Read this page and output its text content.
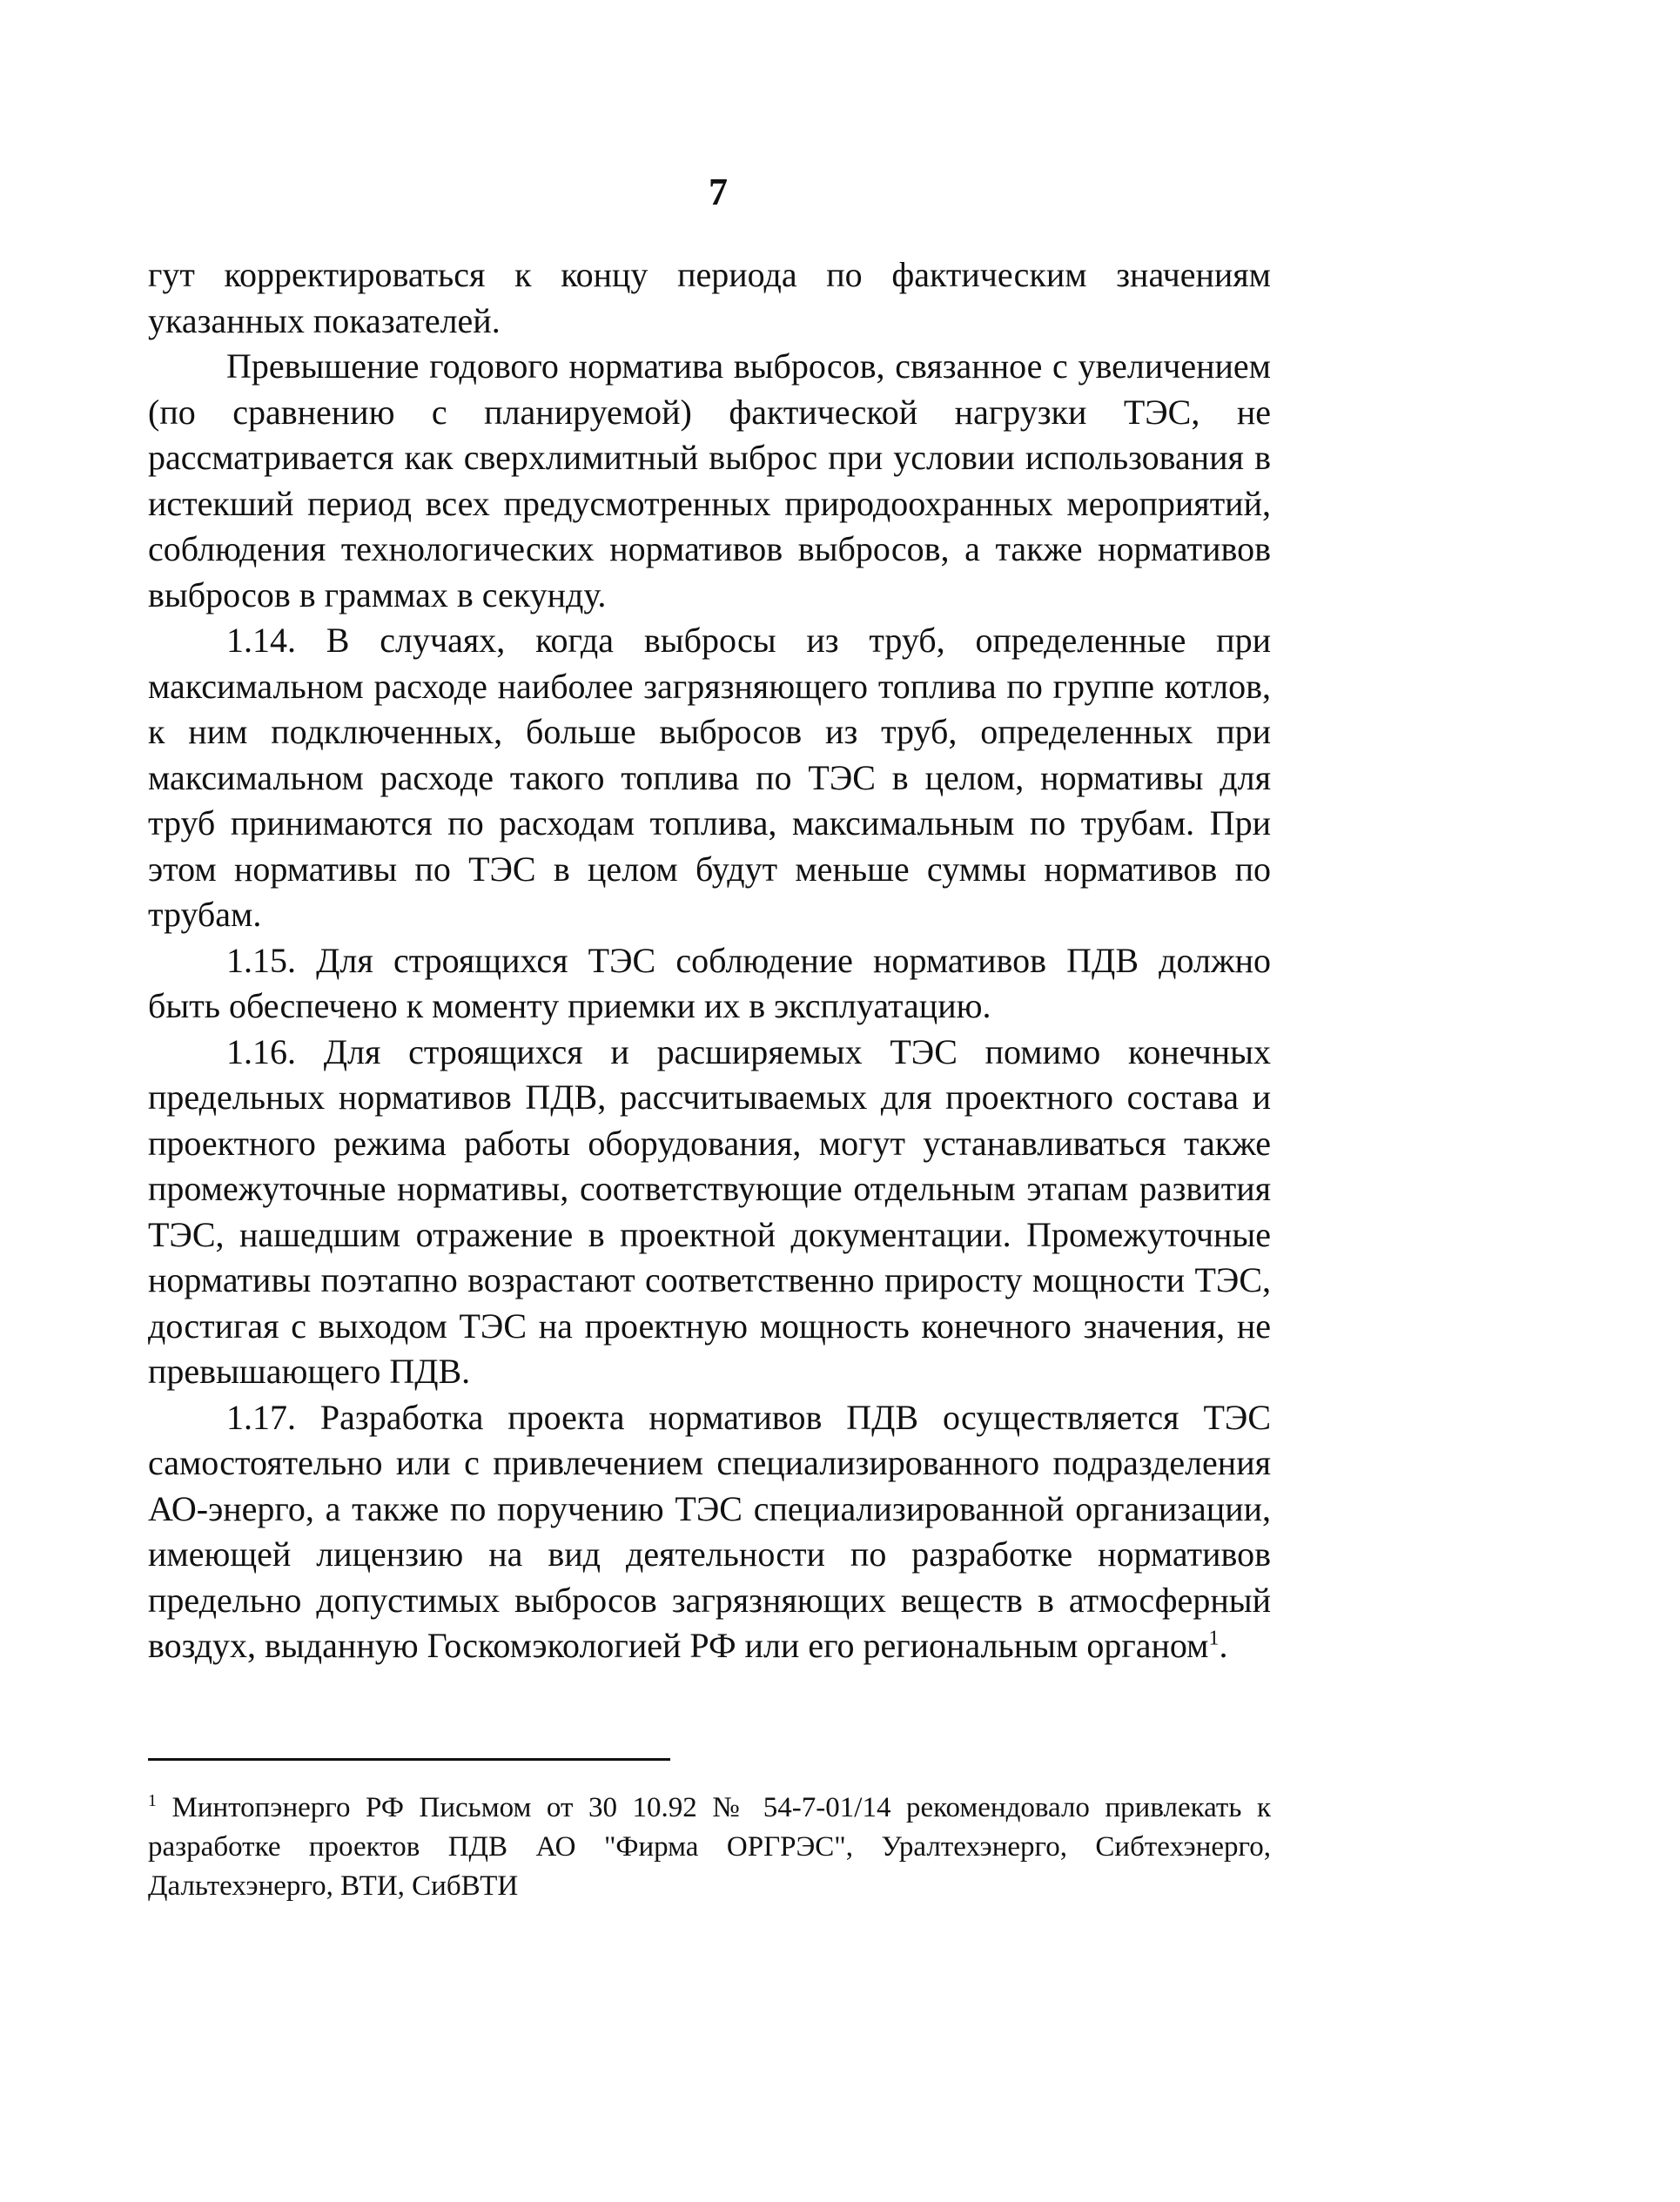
7

гут корректироваться к концу периода по фактическим значениям указанных показателей.

Превышение годового норматива выбросов, связанное с увеличением (по сравнению с планируемой) фактической нагрузки ТЭС, не рассматривается как сверхлимитный выброс при условии использования в истекший период всех предусмотренных природоохранных мероприятий, соблюдения технологических нормативов выбросов, а также нормативов выбросов в граммах в секунду.

1.14. В случаях, когда выбросы из труб, определенные при максимальном расходе наиболее загрязняющего топлива по группе котлов, к ним подключенных, больше выбросов из труб, определенных при максимальном расходе такого топлива по ТЭС в целом, нормативы для труб принимаются по расходам топлива, максимальным по трубам. При этом нормативы по ТЭС в целом будут меньше суммы нормативов по трубам.

1.15. Для строящихся ТЭС соблюдение нормативов ПДВ должно быть обеспечено к моменту приемки их в эксплуатацию.

1.16. Для строящихся и расширяемых ТЭС помимо конечных предельных нормативов ПДВ, рассчитываемых для проектного состава и проектного режима работы оборудования, могут устанавливаться также промежуточные нормативы, соответствующие отдельным этапам развития ТЭС, нашедшим отражение в проектной документации. Промежуточные нормативы поэтапно возрастают соответственно приросту мощности ТЭС, достигая с выходом ТЭС на проектную мощность конечного значения, не превышающего ПДВ.

1.17. Разработка проекта нормативов ПДВ осуществляется ТЭС самостоятельно или с привлечением специализированного подразделения АО-энерго, а также по поручению ТЭС специализированной организации, имеющей лицензию на вид деятельности по разработке нормативов предельно допустимых выбросов загрязняющих веществ в атмосферный воздух, выданную Госкомэкологией РФ или его региональным органом$^1$.

$^1$ Минтопэнерго РФ Письмом от 30 10.92 № 54-7-01/14 рекомендовало привлекать к разработке проектов ПДВ АО "Фирма ОРГРЭС", Уралтехэнерго, Сибтехэнерго, Дальтехэнерго, ВТИ, СибВТИ
